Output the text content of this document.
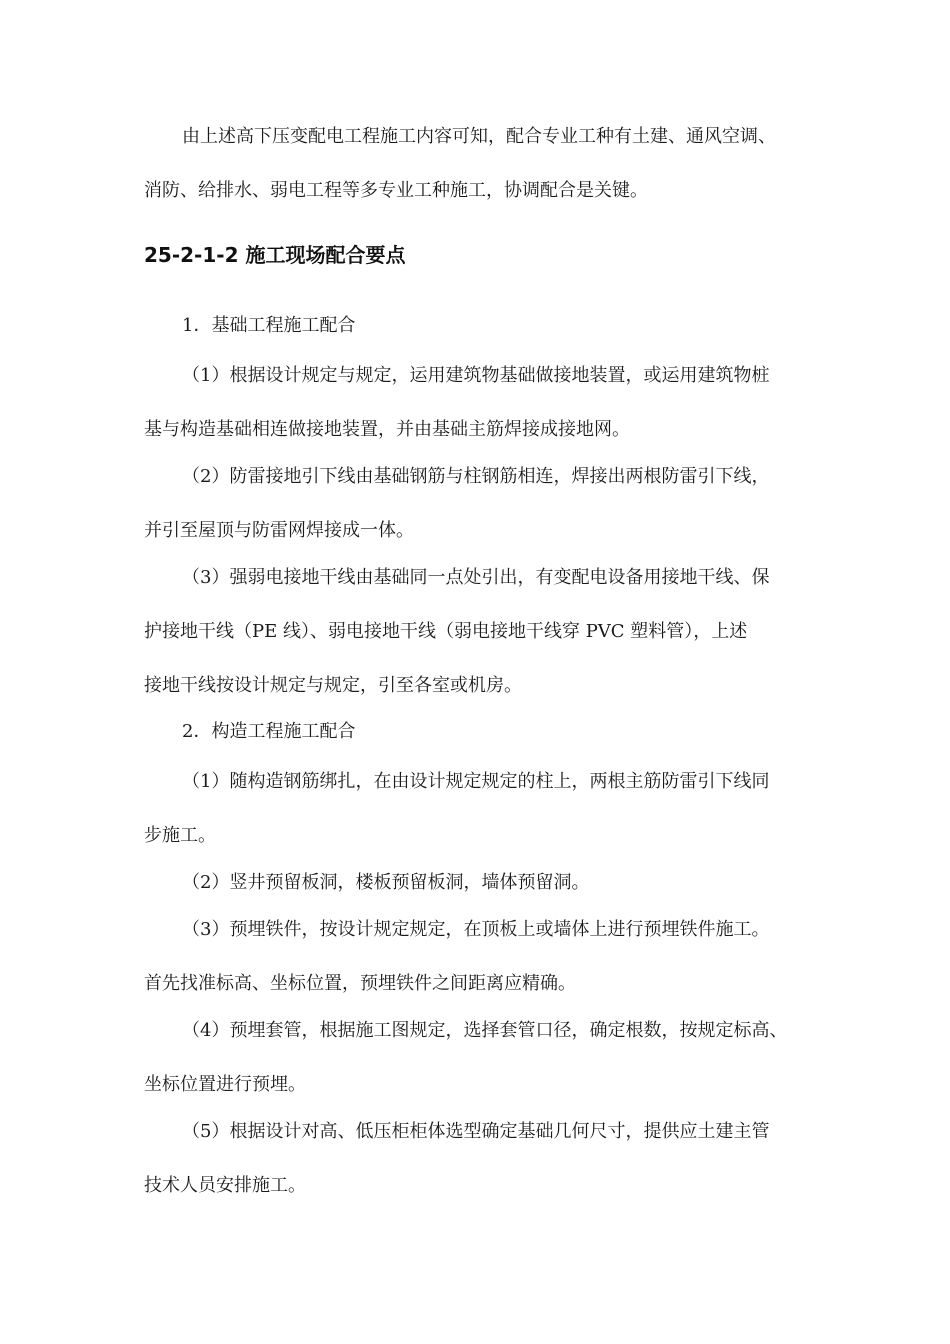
由上述高下压变配电工程施工内容可知，配合专业工种有土建、通风空调、
消防、给排水、弱电工程等多专业工种施工，协调配合是关键。
25-2-1-2 施工现场配合要点
1．基础工程施工配合
（1）根据设计规定与规定，运用建筑物基础做接地装置，或运用建筑物桩
基与构造基础相连做接地装置，并由基础主筋焊接成接地网。
（2）防雷接地引下线由基础钢筋与柱钢筋相连，焊接出两根防雷引下线，
并引至屋顶与防雷网焊接成一体。
（3）强弱电接地干线由基础同一点处引出，有变配电设备用接地干线、保
护接地干线（PE 线）、弱电接地干线（弱电接地干线穿 PVC 塑料管），上述
接地干线按设计规定与规定，引至各室或机房。
2．构造工程施工配合
（1）随构造钢筋绑扎，在由设计规定规定的柱上，两根主筋防雷引下线同
步施工。
（2）竖井预留板洞，楼板预留板洞，墙体预留洞。
（3）预埋铁件，按设计规定规定，在顶板上或墙体上进行预埋铁件施工。
首先找准标高、坐标位置，预埋铁件之间距离应精确。
（4）预埋套管，根据施工图规定，选择套管口径，确定根数，按规定标高、
坐标位置进行预埋。
（5）根据设计对高、低压柜柜体选型确定基础几何尺寸，提供应土建主管
技术人员安排施工。
